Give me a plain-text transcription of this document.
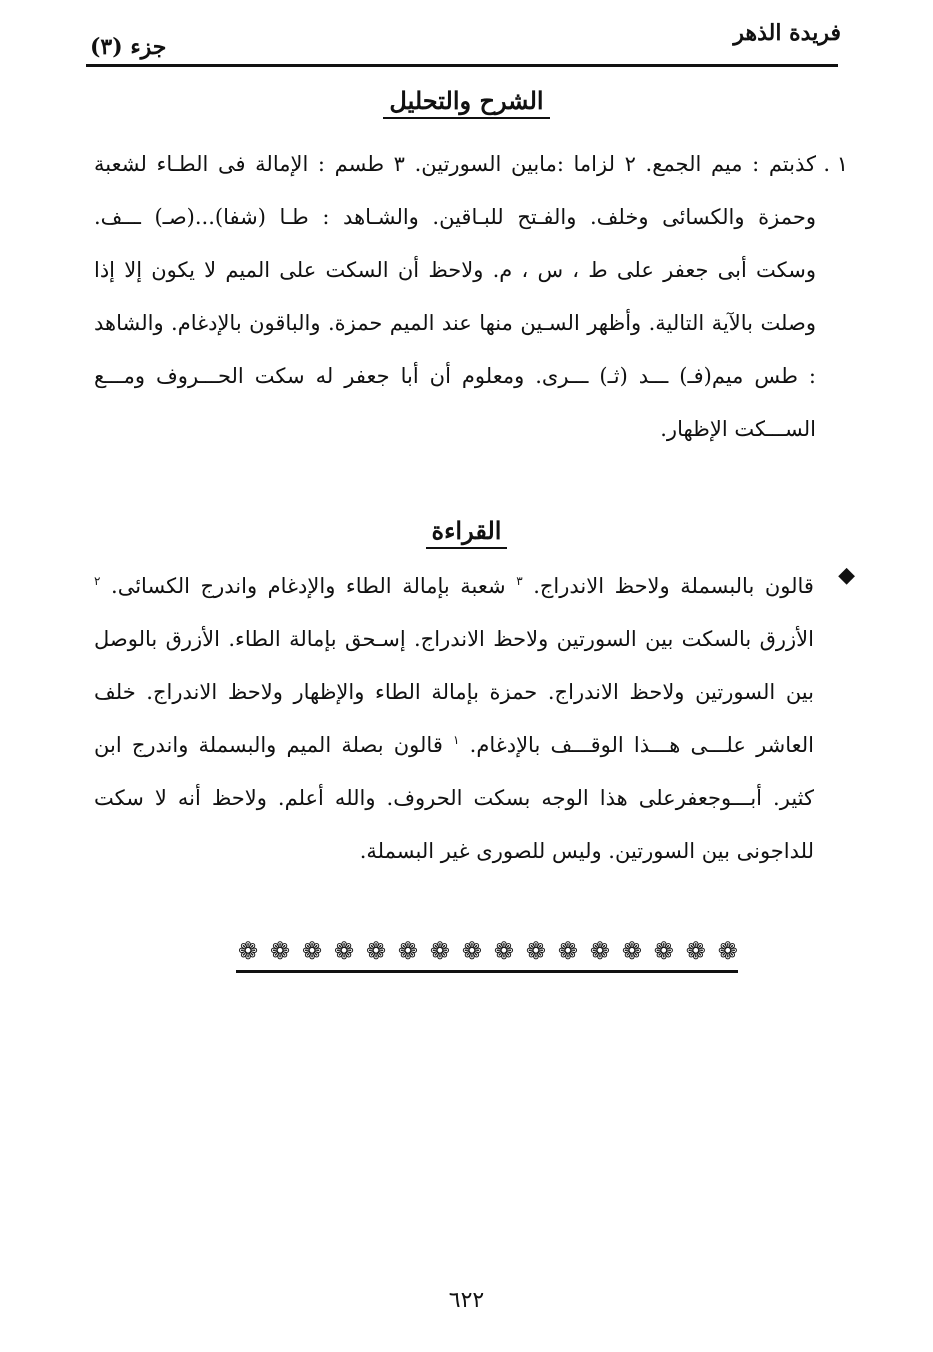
فريدة الذهر
جزء (٣)
الشرح والتحليل
١ .
كذبتم : ميم الجمع. ٢ لزاما :مابين السورتين. ٣ طسم : الإمالة فى الطـاء لشعبة وحمزة والكسائى وخلف. والفـتح للبـاقين. والشـاهد : طـا (شفا)...(صـ) ـــف. وسكت أبى جعفر على ط ، س ، م. ولاحظ أن السكت على الميم لا يكون إلا إذا وصلت بالآية التالية. وأظهر السـين منها عند الميم حمزة. والباقون بالإدغام. والشاهد : طس ميم(فـ) ـــد (ثـ) ـــرى. ومعلوم أن أبا جعفر له سكت الحـــروف ومـــع الســـكت الإظهار.
القراءة
◆
قالون بالبسملة ولاحظ الاندراج. $^٣$ شعبة بإمالة الطاء والإدغام واندرج الكسائى. $^٢$ الأزرق بالسكت بين السورتين ولاحظ الاندراج. إسـحق بإمالة الطاء. الأزرق بالوصل بين السورتين ولاحظ الاندراج. حمزة بإمالة الطاء والإظهار ولاحظ الاندراج. خلف العاشر علـــى هـــذا الوقـــف بالإدغام. $^١$ قالون بصلة الميم والبسملة واندرج ابن كثير. أبـــوجعفرعلى هذا الوجه بسكت الحروف. والله أعلم. ولاحظ أنه لا سكت للداجونى بين السورتين. وليس للصورى غير البسملة.
❁ ❁ ❁ ❁ ❁ ❁ ❁ ❁ ❁ ❁ ❁ ❁ ❁ ❁ ❁ ❁
٦٢٢
